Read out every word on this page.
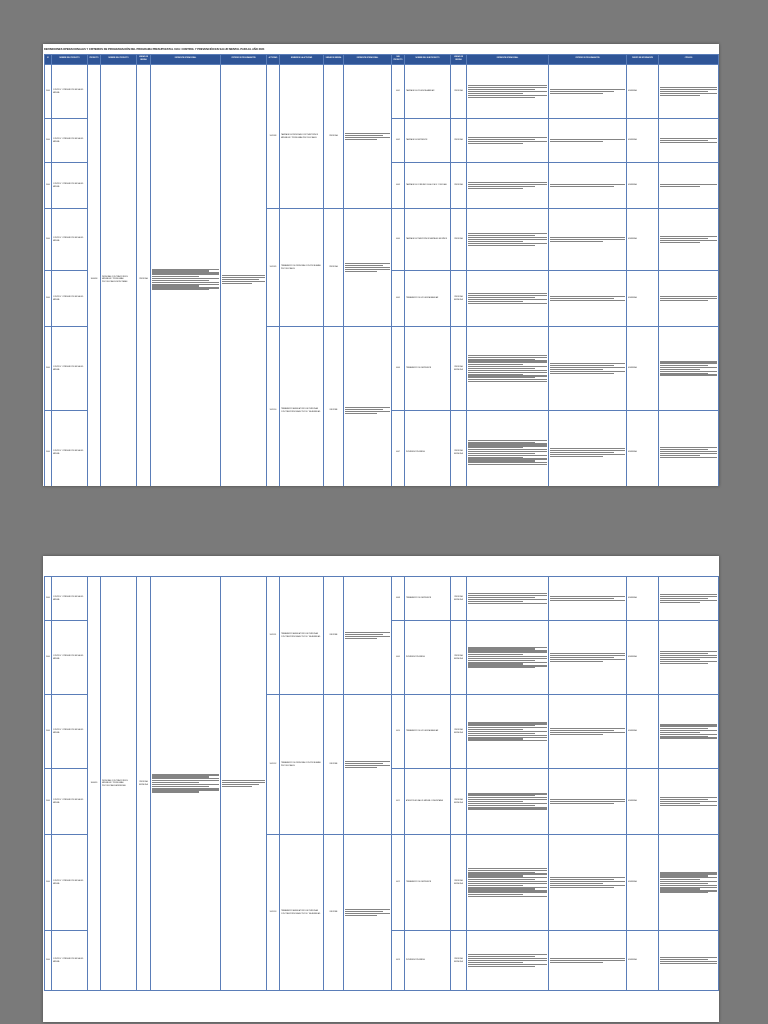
DEFINICIONES OPERACIONALES Y CRITERIOS DE PROGRAMACIÓN DEL PROGRAMA PRESUPUESTAL 0131: CONTROL Y PREVENCIÓN EN SALUD MENTAL PARA EL AÑO 2024
N°	NOMBRE DEL PRODUCTO	PRODUCTO	NOMBRE DEL PRODUCTO	UNIDAD DE MEDIDA	DEFINICIÓN OPERACIONAL	CRITERIO DE PROGRAMACIÓN	ACTIVIDAD	NOMBRE DE LA ACTIVIDAD	UNIDAD DE MEDIDA	DEFINICIÓN OPERACIONAL	SUB PRODUCTO	NOMBRE DEL SUB PRODUCTO	UNIDAD DE MEDIDA	DEFINICIÓN OPERACIONAL	CRITERIO DE PROGRAMACIÓN	FUENTE DE INFORMACIÓN	CÓDIGOS
3000	CONTROL Y PREVENCIÓN EN SALUD MENTAL	3000698	PERSONAS CON TRASTORNOS MENTALES Y PROBLEMAS PSICOSOCIALES DETECTADAS	PERSONA			5005188	TAMIZAJE DE PERSONAS CON TRASTORNOS MENTALES Y PROBLEMAS PSICOSOCIALES	PERSONA		0001	TAMIZAJE DE VIOLENCIA FAMILIAR	PERSONA			HIS/MINSA	

3000	CONTROL Y PREVENCIÓN EN SALUD MENTAL										0002	TAMIZAJE DE DEPRESIÓN	PERSONA			HIS/MINSA	

3000	CONTROL Y PREVENCIÓN EN SALUD MENTAL										0003	TAMIZAJE DE CONSUMO DE ALCOHOL Y DROGAS	PERSONA			HIS/MINSA	

3000	CONTROL Y PREVENCIÓN EN SALUD MENTAL						5005189	TRATAMIENTO DE PERSONAS CON PROBLEMAS PSICOSOCIALES	PERSONA		0004	TAMIZAJE DE TRASTORNOS MENTALES EN NIÑOS	PERSONA			HIS/MINSA	

3000	CONTROL Y PREVENCIÓN EN SALUD MENTAL										0005	TRATAMIENTO DE VIOLENCIA FAMILIAR	PERSONA ATENDIDA			HIS/MINSA	

3000	CONTROL Y PREVENCIÓN EN SALUD MENTAL						5005190	TRATAMIENTO AMBULATORIO DE PERSONAS CON TRASTORNOS AFECTIVOS Y DE ANSIEDAD	INFORME		0006	TRATAMIENTO DE DEPRESIÓN	PERSONA ATENDIDA			HIS/MINSA	

3000	CONTROL Y PREVENCIÓN EN SALUD MENTAL										0007	INTERVENCIÓN BREVE	PERSONA ATENDIDA			HIS/MINSA	
3000	CONTROL Y PREVENCIÓN EN SALUD MENTAL	3000699	PERSONAS CON TRASTORNOS MENTALES Y PROBLEMAS PSICOSOCIALES ATENDIDAS	PERSONA ATENDIDA			5005191	TRATAMIENTO AMBULATORIO DE PERSONAS CON TRASTORNOS AFECTIVOS Y DE ANSIEDAD	INFORME		0008	TRATAMIENTO DE DEPRESIÓN	PERSONA ATENDIDA			HIS/MINSA	

3000	CONTROL Y PREVENCIÓN EN SALUD MENTAL										0009	INTERVENCIÓN BREVE	PERSONA ATENDIDA			HIS/MINSA	

3000	CONTROL Y PREVENCIÓN EN SALUD MENTAL						5005192	TRATAMIENTO DE PERSONAS CON PROBLEMAS PSICOSOCIALES	INFORME		0010	TRATAMIENTO DE VIOLENCIA FAMILIAR	PERSONA ATENDIDA			HIS/MINSA	

3000	CONTROL Y PREVENCIÓN EN SALUD MENTAL										0011	ATENCIÓN EN SALUD MENTAL COMUNITARIA	PERSONA ATENDIDA			HIS/MINSA	

3000	CONTROL Y PREVENCIÓN EN SALUD MENTAL						5005193	TRATAMIENTO AMBULATORIO DE PERSONAS CON TRASTORNOS AFECTIVOS Y DE ANSIEDAD	INFORME		0012	TRATAMIENTO DE DEPRESIÓN	PERSONA ATENDIDA			HIS/MINSA	

3000	CONTROL Y PREVENCIÓN EN SALUD MENTAL										0013	INTERVENCIÓN BREVE	PERSONA ATENDIDA			HIS/MINSA	
